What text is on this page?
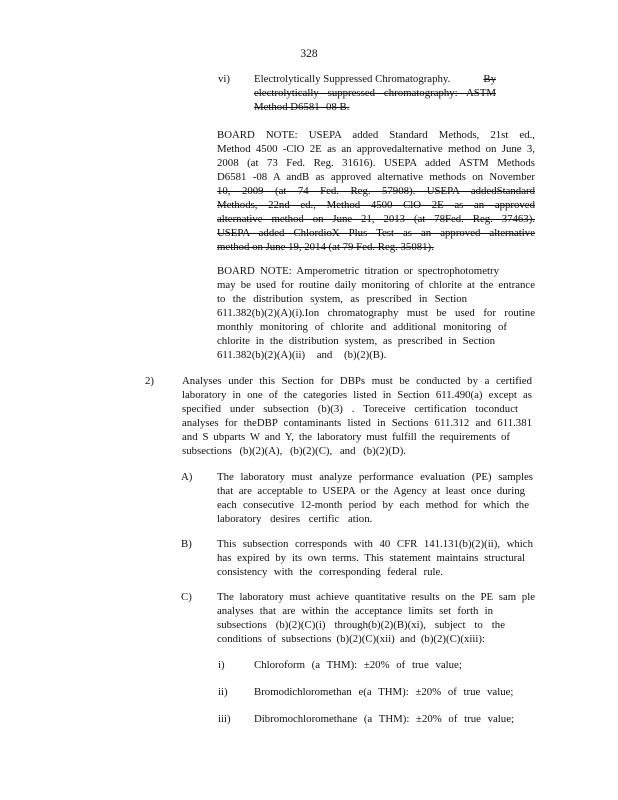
328
vi) Electrolytically Suppressed Chromatography.	By
electrolytically suppressed chromatography: ASTM
Method D6581 -08 B.
BOARD NOTE: USEPA added Standard Methods, 21st ed.,
Method 4500 -ClO 2E as an approvedalternative method on June 3,
2008 (at 73 Fed. Reg. 31616). USEPA added ASTM Methods
D6581 -08 A andB as approved alternative methods on November
10, 2009 (at 74 Fed. Reg. 57908). USEPA addedStandard
Methods, 22nd ed., Method 4500 ClO 2E as an approved
alternative method on June 21, 2013 (at 78Fed. Reg. 37463).
USEPA added ChlordioX Plus Test as an approved alternative
method on June 19, 2014 (at 79 Fed. Reg. 35081).
BOARD NOTE: Amperometric titration or spectrophotometry
may be used for routine daily monitoring of chlorite at the entrance
to the distribution system, as prescribed in Section
611.382(b)(2)(A)(i).Ion chromatography must be used for routine
monthly monitoring of chlorite and additional monitoring of
chlorite in the distribution system, as prescribed in Section
611.382(b)(2)(A)(ii) and (b)(2)(B).
2)	Analyses under this Section for DBPs must be conducted by a certified
laboratory in one of the categories listed in Section 611.490(a) except as
specified under subsection (b)(3) . Toreceive certification toconduct
analyses for theDBP contaminants listed in Sections 611.312 and 611.381
and S ubparts W and Y, the laboratory must fulfill the requirements of
subsections (b)(2)(A), (b)(2)(C), and (b)(2)(D).
A) The laboratory must analyze performance evaluation (PE) samples
that are acceptable to USEPA or the Agency at least once during
each consecutive 12-month period by each method for which the
laboratory desires certific ation.
B) This subsection corresponds with 40 CFR 141.131(b)(2)(ii), which
has expired by its own terms. This statement maintains structural
consistency with the corresponding federal rule.
C) The laboratory must achieve quantitative results on the PE sam ple
analyses that are within the acceptance limits set forth in
subsections (b)(2)(C)(i) through(b)(2)(B)(xi), subject to the
conditions of subsections (b)(2)(C)(xii) and (b)(2)(C)(xiii):
i)	Chloroform (a THM): ±20% of true value;
ii) Bromodichloromethan e(a THM): ±20% of true value;
iii) Dibromochloromethane (a THM): ±20% of true value;
